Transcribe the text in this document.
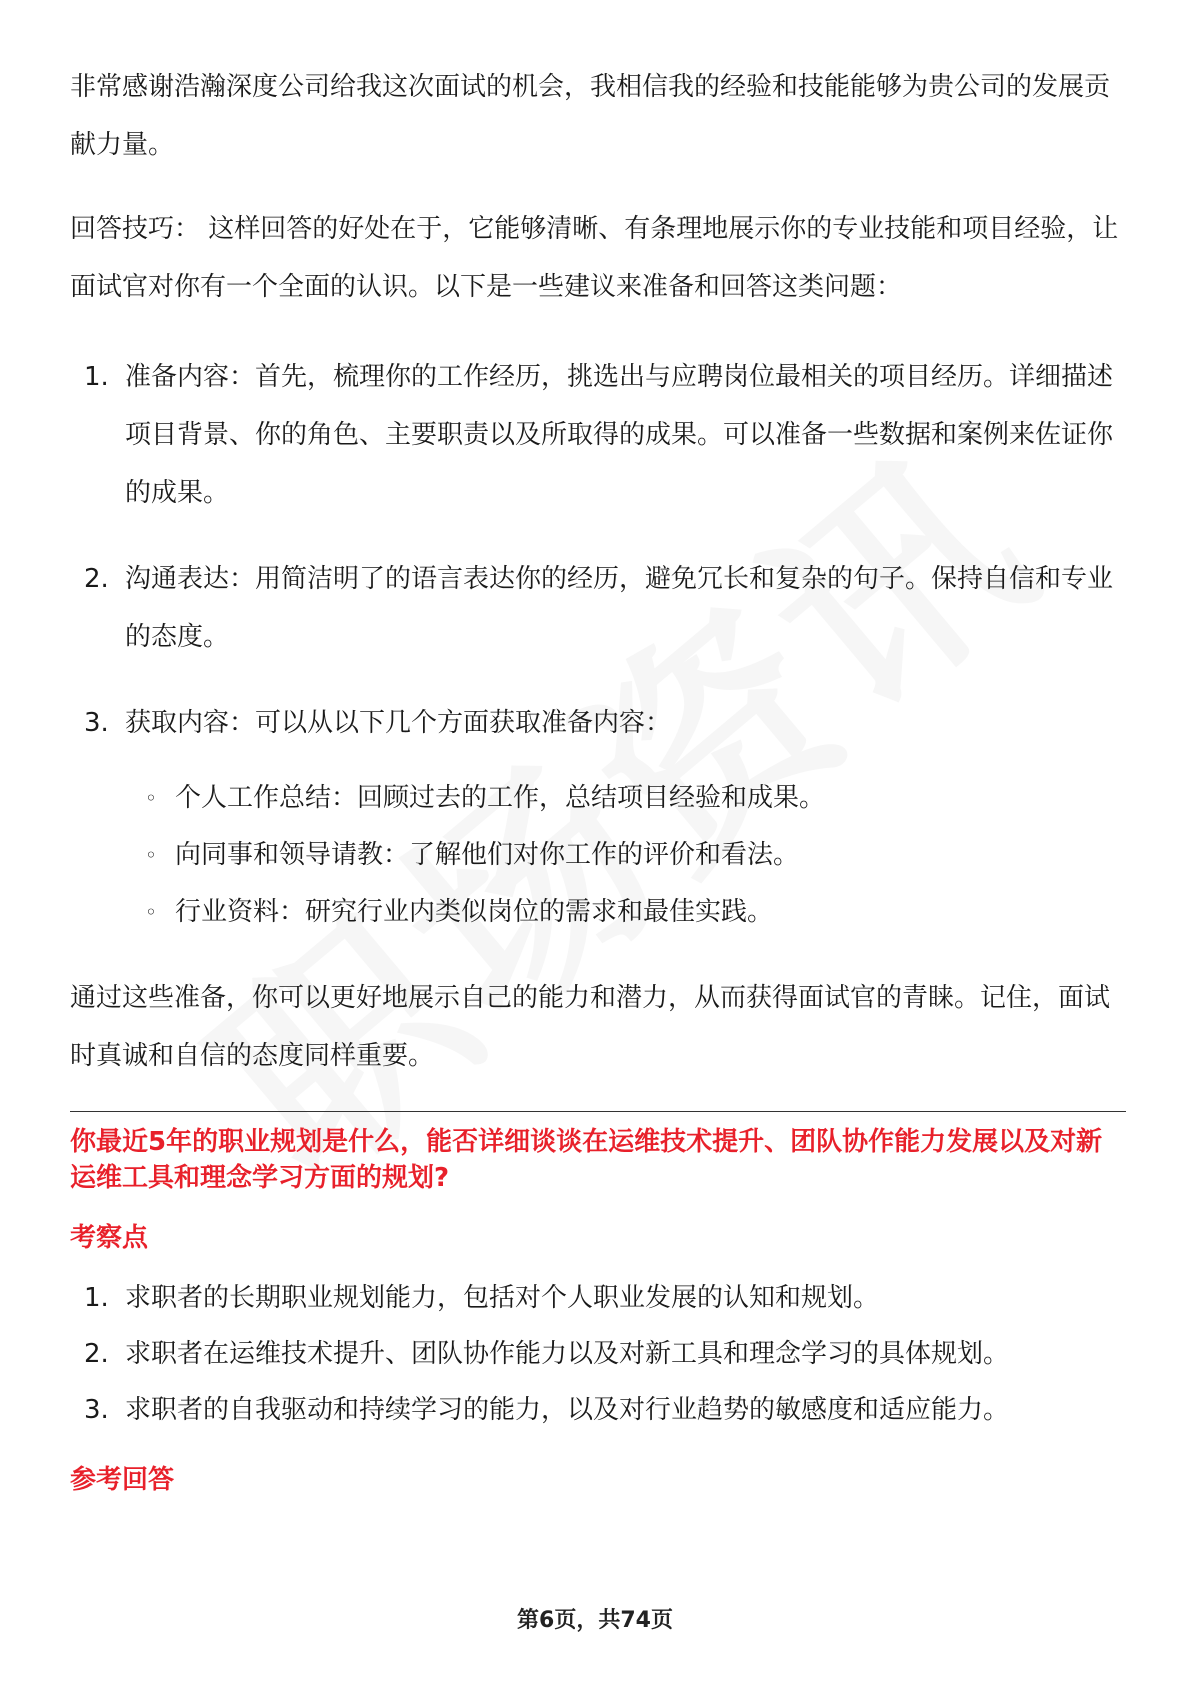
非常感谢浩瀚深度公司给我这次面试的机会，我相信我的经验和技能能够为贵公司的发展贡献力量。

回答技巧： 这样回答的好处在于，它能够清晰、有条理地展示你的专业技能和项目经验，让面试官对你有一个全面的认识。以下是一些建议来准备和回答这类问题：

1. 准备内容：首先，梳理你的工作经历，挑选出与应聘岗位最相关的项目经历。详细描述项目背景、你的角色、主要职责以及所取得的成果。可以准备一些数据和案例来佐证你的成果。
2. 沟通表达：用简洁明了的语言表达你的经历，避免冗长和复杂的句子。保持自信和专业的态度。
3. 获取内容：可以从以下几个方面获取准备内容：
◦ 个人工作总结：回顾过去的工作，总结项目经验和成果。
◦ 向同事和领导请教：了解他们对你工作的评价和看法。
◦ 行业资料：研究行业内类似岗位的需求和最佳实践。

通过这些准备，你可以更好地展示自己的能力和潜力，从而获得面试官的青睐。记住，面试时真诚和自信的态度同样重要。

你最近5年的职业规划是什么，能否详细谈谈在运维技术提升、团队协作能力发展以及对新运维工具和理念学习方面的规划?

考察点
1. 求职者的长期职业规划能力，包括对个人职业发展的认知和规划。
2. 求职者在运维技术提升、团队协作能力以及对新工具和理念学习的具体规划。
3. 求职者的自我驱动和持续学习的能力，以及对行业趋势的敏感度和适应能力。
参考回答
第6页，共74页
